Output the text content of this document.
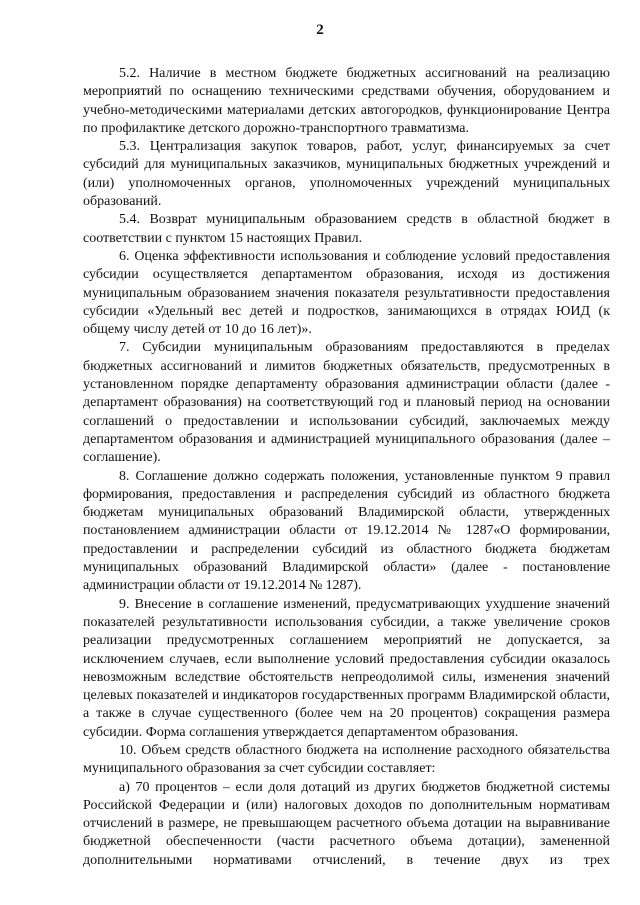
2

5.2. Наличие в местном бюджете бюджетных ассигнований на реализацию мероприятий по оснащению техническими средствами обучения, оборудованием и учебно-методическими материалами детских автогородков, функционирование Центра по профилактике детского дорожно-транспортного травматизма.

5.3. Централизация закупок товаров, работ, услуг, финансируемых за счет субсидий для муниципальных заказчиков, муниципальных бюджетных учреждений и (или) уполномоченных органов, уполномоченных учреждений муниципальных образований.

5.4. Возврат муниципальным образованием средств в областной бюджет в соответствии с пунктом 15 настоящих Правил.

6. Оценка эффективности использования и соблюдение условий предоставления субсидии осуществляется департаментом образования, исходя из достижения муниципальным образованием значения показателя результативности предоставления субсидии «Удельный вес детей и подростков, занимающихся в отрядах ЮИД (к общему числу детей от 10 до 16 лет)».

7. Субсидии муниципальным образованиям предоставляются в пределах бюджетных ассигнований и лимитов бюджетных обязательств, предусмотренных в установленном порядке департаменту образования администрации области (далее - департамент образования) на соответствующий год и плановый период на основании соглашений о предоставлении и использовании субсидий, заключаемых между департаментом образования и администрацией муниципального образования (далее – соглашение).

8. Соглашение должно содержать положения, установленные пунктом 9 правил формирования, предоставления и распределения субсидий из областного бюджета бюджетам муниципальных образований Владимирской области, утвержденных постановлением администрации области от 19.12.2014 № 1287«О формировании, предоставлении и распределении субсидий из областного бюджета бюджетам муниципальных образований Владимирской области» (далее - постановление администрации области от 19.12.2014 № 1287).

9. Внесение в соглашение изменений, предусматривающих ухудшение значений показателей результативности использования субсидии, а также увеличение сроков реализации предусмотренных соглашением мероприятий не допускается, за исключением случаев, если выполнение условий предоставления субсидии оказалось невозможным вследствие обстоятельств непреодолимой силы, изменения значений целевых показателей и индикаторов государственных программ Владимирской области, а также в случае существенного (более чем на 20 процентов) сокращения размера субсидии. Форма соглашения утверждается департаментом образования.

10. Объем средств областного бюджета на исполнение расходного обязательства муниципального образования за счет субсидии составляет:

а) 70 процентов – если доля дотаций из других бюджетов бюджетной системы Российской Федерации и (или) налоговых доходов по дополнительным нормативам отчислений в размере, не превышающем расчетного объема дотации на выравнивание бюджетной обеспеченности (части расчетного объема дотации), замененной дополнительными нормативами отчислений, в течение двух из трех
